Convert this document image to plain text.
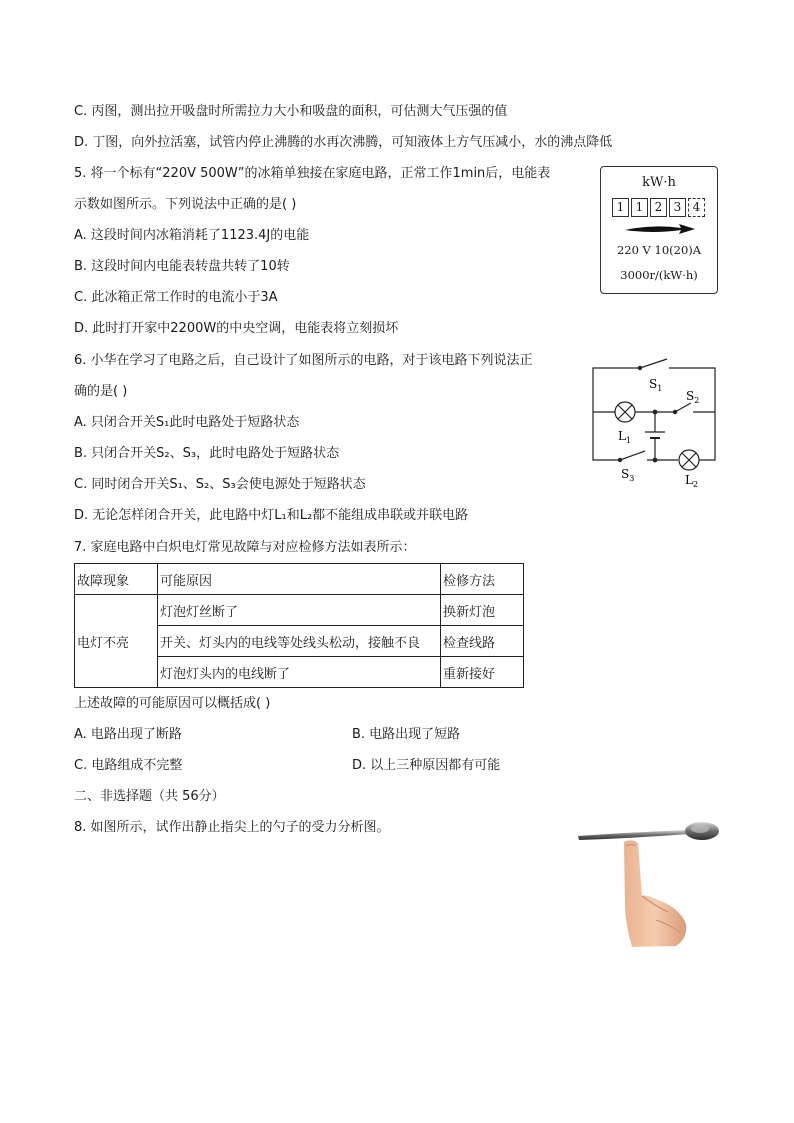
C. 丙图，测出拉开吸盘时所需拉力大小和吸盘的面积，可估测大气压强的值
D. 丁图，向外拉活塞，试管内停止沸腾的水再次沸腾，可知液体上方气压减小，水的沸点降低
5. 将一个标有“220V 500W”的冰箱单独接在家庭电路，正常工作1min后，电能表
示数如图所示。下列说法中正确的是( )
A. 这段时间内冰箱消耗了1123.4J的电能
B. 这段时间内电能表转盘共转了10转
C. 此冰箱正常工作时的电流小于3A
D. 此时打开家中2200W的中央空调，电能表将立刻损坏
kW·h
1 1 2 3 4
220 V 10(20)A
3000r/(kW·h)
6. 小华在学习了电路之后，自己设计了如图所示的电路，对于该电路下列说法正
确的是( )
A. 只闭合开关S₁此时电路处于短路状态
B. 只闭合开关S₂、S₃，此时电路处于短路状态
C. 同时闭合开关S₁、S₂、S₃会使电源处于短路状态
D. 无论怎样闭合开关，此电路中灯L₁和L₂都不能组成串联或并联电路
$S_1$
$S_2$
$S_3$
$L_1$
$L_2$
7. 家庭电路中白炽电灯常见故障与对应检修方法如表所示：
故障现象	可能原因	检修方法
电灯不亮	灯泡灯丝断了	换新灯泡
	开关、灯头内的电线等处线头松动，接触不良	检查线路
	灯泡灯头内的电线断了	重新接好
上述故障的可能原因可以概括成( )
A. 电路出现了断路	B. 电路出现了短路
C. 电路组成不完整	D. 以上三种原因都有可能
二、非选择题（共 56分）
8. 如图所示，试作出静止指尖上的勺子的受力分析图。
